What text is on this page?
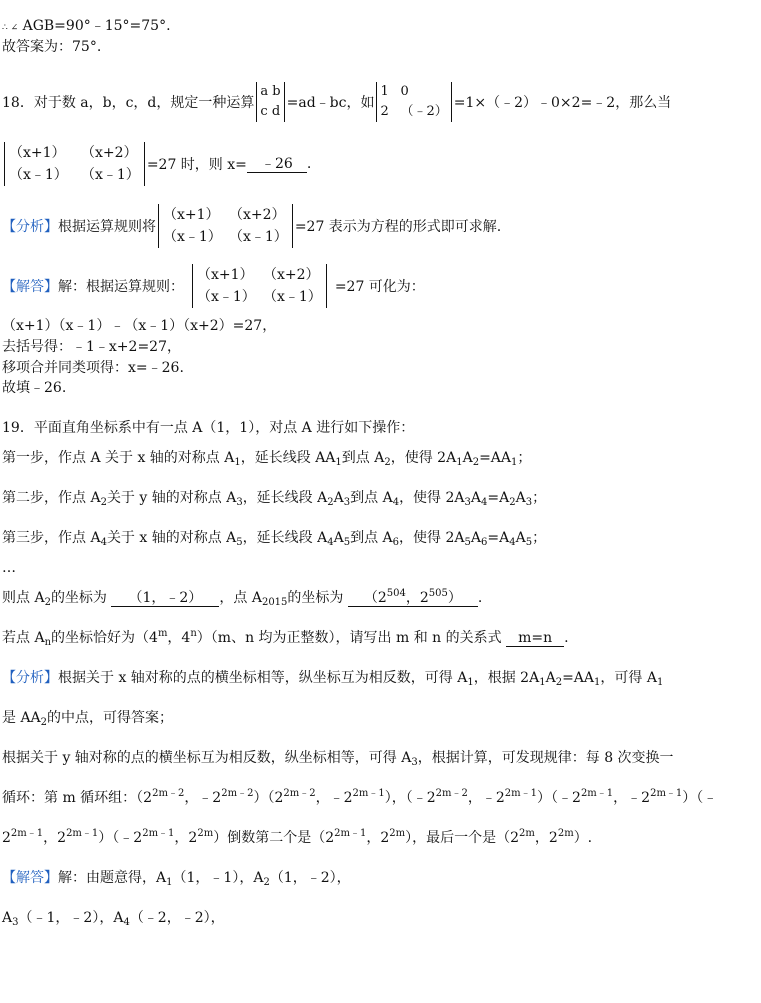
∴ ∠ AGB=90°﹣15°=75°.
故答案为：75°.
18．对于数 a，b，c，d，规定一种运算
a b
c d
=ad﹣bc，如
1 0
2 （﹣2）
=1×（﹣2）﹣0×2=﹣2，那么当
（x+1） （x+2）
（x﹣1） （x﹣1）
=27 时，则 x=	﹣26	.
【分析】 根据运算规则将
（x+1） （x+2）
（x﹣1） （x﹣1）
=27 表示为方程的形式即可求解.
【解答】 解：根据运算规则：
（x+1） （x+2）
（x﹣1） （x﹣1）
=27 可化为：
（x+1）（x﹣1）﹣（x﹣1）（x+2）=27，
去括号得：﹣1﹣x+2=27，
移项合并同类项得：x=﹣26.
故填﹣26.
19．平面直角坐标系中有一点 A（1，1），对点 A 进行如下操作：
第一步，作点 A 关于 x 轴的对称点 $A_1$，延长线段 $AA_1$到点 $A_2$，使得 $2A_1A_2=AA_1$；
第二步，作点 $A_2$关于 y 轴的对称点 $A_3$，延长线段 $A_2A_3$到点 $A_4$，使得 $2A_3A_4=A_2A_3$；
第三步，作点 $A_4$关于 x 轴的对称点 $A_5$，延长线段 $A_4A_5$到点 $A_6$，使得 $2A_5A_6=A_4A_5$；
…
则点 $A_2$的坐标为 （1，﹣2） ，点 $A_{2015}$的坐标为 （$2^{504}$，$2^{505}$） .
若点 $A_n$的坐标恰好为（4$^m$，4$^n$）（m、n 均为正整数），请写出 m 和 n 的关系式 m=n .
【分析】根据关于 x 轴对称的点的横坐标相等，纵坐标互为相反数，可得 $A_1$，根据 $2A_1A_2=AA_1$，可得 $A_1$
是 $AA_2$的中点，可得答案；
根据关于 y 轴对称的点的横坐标互为相反数，纵坐标相等，可得 $A_3$，根据计算，可发现规律：每 8 次变换一
循环：第 m 循环组：（$2^{2m﹣2}$，$﹣2^{2m﹣2})(2^{2m﹣2}$，$﹣2^{2m﹣1}$），（$﹣2^{2m﹣2}$，$﹣2^{2m﹣1})(﹣2^{2m﹣1}$，$﹣2^{2m﹣1})(﹣$
$2^{2m﹣1}$，$2^{2m﹣1})(﹣2^{2m﹣1}$，$2^{2m}$）倒数第二个是（$2^{2m﹣1}$，$2^{2m}$），最后一个是（$2^{2m}$，$2^{2m}$）.
【解答】解：由题意得，$A_1(1$，﹣1），$A_2(1$，﹣2），
$A_3(﹣1$，﹣2），$A_4(﹣2$，﹣2），
